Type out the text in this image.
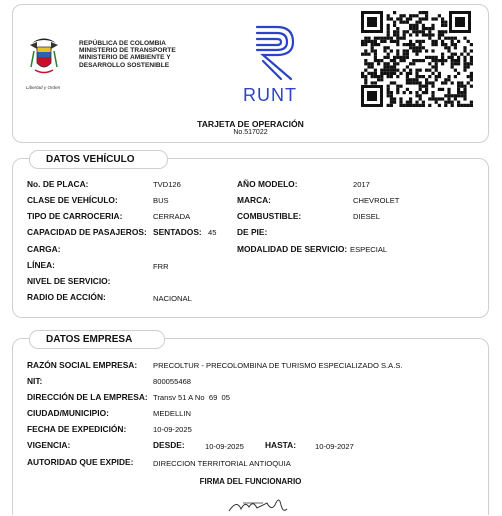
REPÚBLICA DE COLOMBIA
MINISTERIO DE TRANSPORTE
MINISTERIO DE AMBIENTE Y
DESARROLLO SOSTENIBLE
Libertad y Orden	RUNT
TARJETA DE OPERACIÓN
No.517022
DATOS VEHÍCULO
No. DE PLACA:	TVD126	AÑO MODELO:	2017
CLASE DE VEHÍCULO:	BUS	MARCA:	CHEVROLET
TIPO DE CARROCERIA:	CERRADA	COMBUSTIBLE:	DIESEL
CAPACIDAD DE PASAJEROS: SENTADOS: 45 DE PIE:
CARGA:	MODALIDAD DE SERVICIO: ESPECIAL
LÍNEA:	FRR
NIVEL DE SERVICIO:
RADIO DE ACCIÓN:	NACIONAL
DATOS EMPRESA
RAZÓN SOCIAL EMPRESA: PRECOLTUR - PRECOLOMBINA DE TURISMO ESPECIALIZADO S.A.S.
NIT:	800055468
DIRECCIÓN DE LA EMPRESA: Transv 51 A No  69  05
CIUDAD/MUNICIPIO:	MEDELLIN
FECHA DE EXPEDICIÓN:	10-09-2025
VIGENCIA:	DESDE:	10-09-2025	HASTA: 10-09-2027
AUTORIDAD QUE EXPIDE:	DIRECCION TERRITORIAL ANTIOQUIA
FIRMA DEL FUNCIONARIO
